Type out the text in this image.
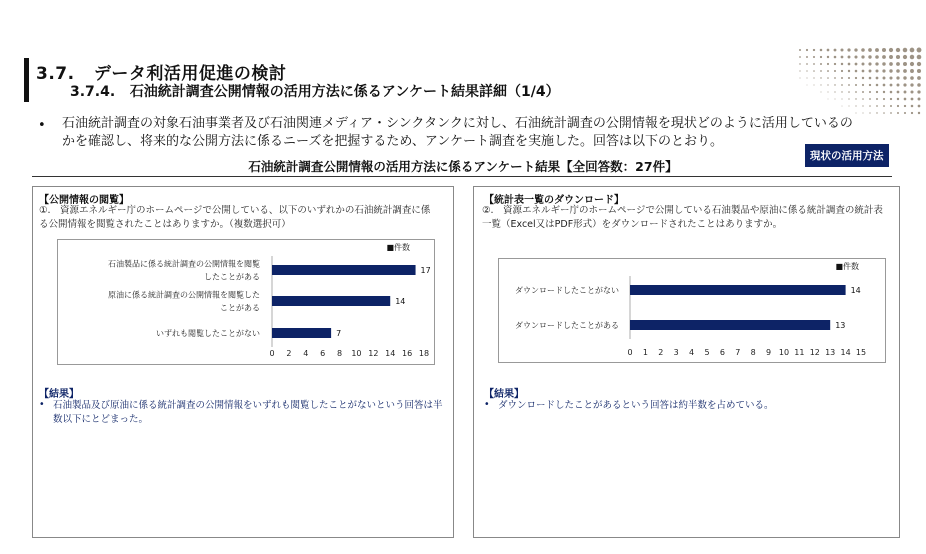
3.7. データ利活用促進の検討
3.7.4. 石油統計調査公開情報の活用方法に係るアンケート結果詳細（1/4）
• 石油統計調査の対象石油事業者及び石油関連メディア・シンクタンクに対し、石油統計調査の公開情報を現状どのように活用しているのかを確認し、将来的な公開方法に係るニーズを把握するため、アンケート調査を実施した。回答は以下のとおり。
現状の活用方法
石油統計調査公開情報の活用方法に係るアンケート結果【全回答数：27件】
【公開情報の閲覧】
①.　資源エネルギー庁のホームページで公開している、以下のいずれかの石油統計調査に係る公開情報を閲覧されたことはありますか。（複数選択可）
■件数
17
石油製品に係る統計調査の公開情報を閲覧
したことがある
14
原油に係る統計調査の公開情報を閲覧した
ことがある
7
いずれも閲覧したことがない
0 2 4 6 8 10 12 14 16 18
【結果】
• 石油製品及び原油に係る統計調査の公開情報をいずれも閲覧したことがないという回答は半数以下にとどまった。
【統計表一覧のダウンロード】
②.　資源エネルギー庁のホームページで公開している石油製品や原油に係る統計調査の統計表一覧（Excel又はPDF形式）をダウンロードされたことはありますか。
■件数
14
ダウンロードしたことがない
13
ダウンロードしたことがある
0 1 2 3 4 5 6 7 8 9 10 11 12 13 14 15
【結果】
• ダウンロードしたことがあるという回答は約半数を占めている。
